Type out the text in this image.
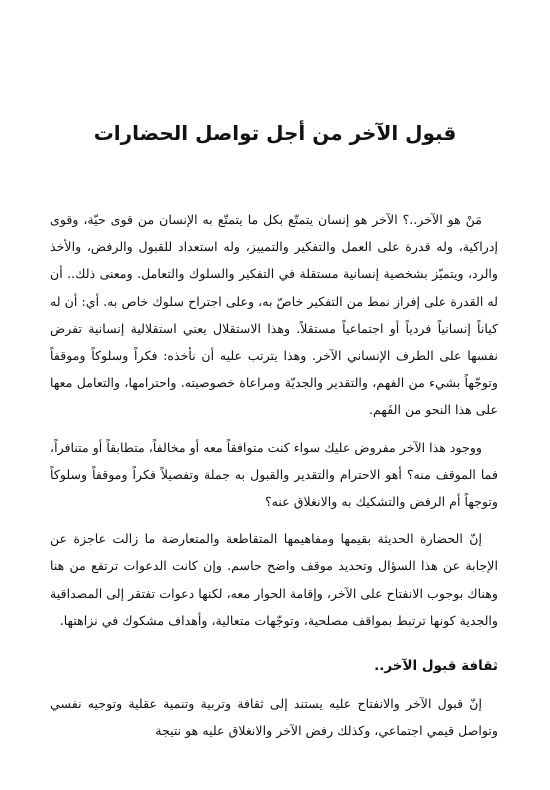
قبول الآخر من أجل تواصل الحضارات

مَنْ هو الآخر..؟ الآخر هو إنسان يتمتّع بكل ما يتمتّع به الإنسان من قوى حيّة، وقوى إدراكية، وله قدرة على العمل والتفكير والتمييز، وله استعداد للقبول والرفض، والأخذ والرد، ويتميّز بشخصية إنسانية مستقلة في التفكير والسلوك والتعامل. ومعنى ذلك.. أن له القدرة على إفراز نمط من التفكير خاصّ به، وعلى اجتراح سلوك خاص به. أي: أن له كياناً إنسانياً فردياً أو اجتماعياً مستقلاً. وهذا الاستقلال يعني استقلالية إنسانية تفرض نفسها على الطرف الإنساني الآخر. وهذا يترتب عليه أن نأخذه: فكراً وسلوكاً وموقفاً وتوجّهاً بشيء من الفهم، والتقدير والجديّة ومراعاة خصوصيته. واحترامها، والتعامل معها على هذا النحو من الفَهم.

ووجود هذا الآخر مفروض عليك سواء كنت متوافقاً معه أو مخالفاً، متطابقاً أو متنافراً، فما الموقف منه؟ أهو الاحترام والتقدير والقبول به جملة وتفصيلاً فكراً وموقفاً وسلوكاً وتوجهاً أم الرفض والتشكيك به والانغلاق عنه؟

إنّ الحضارة الحديثة بقيمها ومفاهيمها المتقاطعة والمتعارضة ما زالت عاجزة عن الإجابة عن هذا السؤال وتحديد موقف واضح حاسم. وإن كانت الدعوات ترتفع من هنا وهناك بوجوب الانفتاح على الآخر، وإقامة الحوار معه، لكنها دعوات تفتقر إلى المصداقية والجدية كونها ترتبط بمواقف مصلحية، وتوجّهات متعالية، وأهداف مشكوك في نزاهتها.

ثقافة قبول الآخر..

إنّ قبول الآخر والانفتاح عليه يستند إلى ثقافة وتربية وتنمية عقلية وتوجيه نفسي وتواصل قيمي اجتماعي، وكذلك رفض الآخر والانغلاق عليه هو نتيجة
